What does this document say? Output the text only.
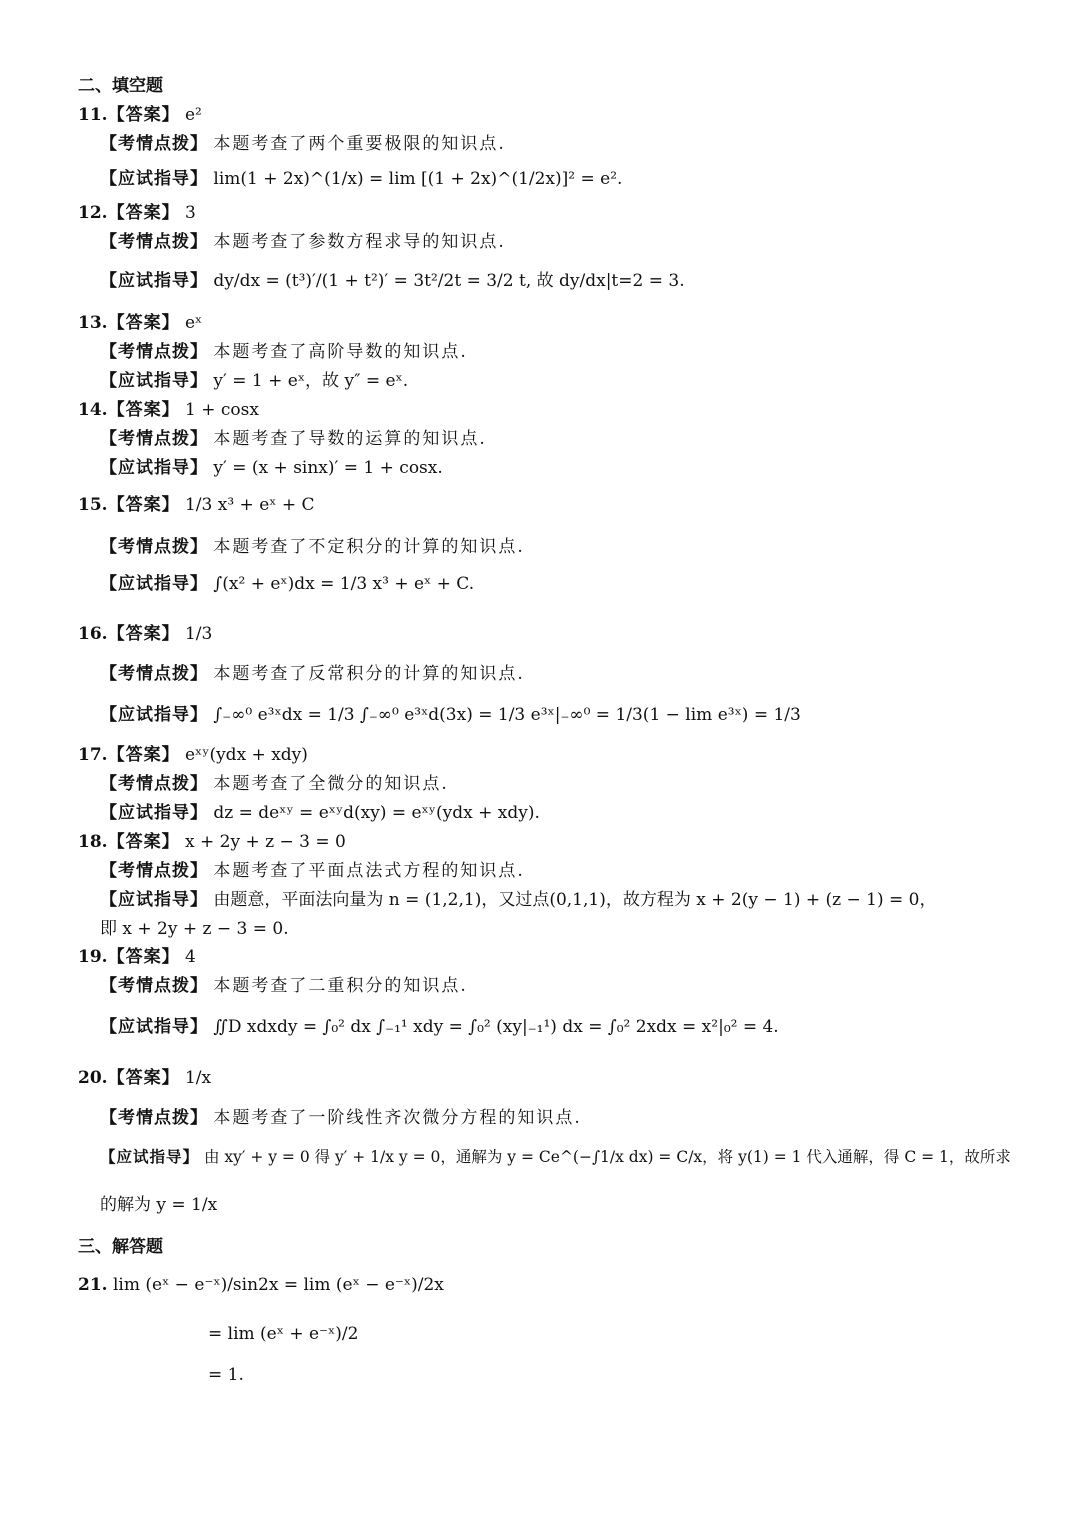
二、填空题
11.【答案】 e²
【考情点拨】 本题考查了两个重要极限的知识点.
【应试指导】 lim(1 + 2x)^(1/x) = lim [(1 + 2x)^(1/2x)]² = e².
12.【答案】 3
【考情点拨】 本题考查了参数方程求导的知识点.
【应试指导】 dy/dx = (t³)′/(1 + t²)′ = 3t²/2t = 3/2 t, 故 dy/dx|t=2 = 3.
13.【答案】 eˣ
【考情点拨】 本题考查了高阶导数的知识点.
【应试指导】 y′ = 1 + eˣ，故 y″ = eˣ.
14.【答案】 1 + cosx
【考情点拨】 本题考查了导数的运算的知识点.
【应试指导】 y′ = (x + sinx)′ = 1 + cosx.
15.【答案】 1/3 x³ + eˣ + C
【考情点拨】 本题考查了不定积分的计算的知识点.
【应试指导】 ∫(x² + eˣ)dx = 1/3 x³ + eˣ + C.
16.【答案】 1/3
【考情点拨】 本题考查了反常积分的计算的知识点.
【应试指导】 ∫₋∞⁰ e³ˣdx = 1/3 ∫₋∞⁰ e³ˣd(3x) = 1/3 e³ˣ|₋∞⁰ = 1/3(1 − lim e³ˣ) = 1/3
17.【答案】 eˣʸ(ydx + xdy)
【考情点拨】 本题考查了全微分的知识点.
【应试指导】 dz = deˣʸ = eˣʸd(xy) = eˣʸ(ydx + xdy).
18.【答案】 x + 2y + z − 3 = 0
【考情点拨】 本题考查了平面点法式方程的知识点.
【应试指导】 由题意，平面法向量为 n = (1,2,1)，又过点(0,1,1)，故方程为 x + 2(y − 1) + (z − 1) = 0，
即 x + 2y + z − 3 = 0.
19.【答案】 4
【考情点拨】 本题考查了二重积分的知识点.
【应试指导】 ∬D xdxdy = ∫₀² dx ∫₋₁¹ xdy = ∫₀² (xy|₋₁¹) dx = ∫₀² 2xdx = x²|₀² = 4.
20.【答案】 1/x
【考情点拨】 本题考查了一阶线性齐次微分方程的知识点.
【应试指导】 由 xy′ + y = 0 得 y′ + 1/x y = 0，通解为 y = Ce^(−∫1/x dx) = C/x，将 y(1) = 1 代入通解，得 C = 1，故所求
的解为 y = 1/x
三、解答题
21. lim (eˣ − e⁻ˣ)/sin2x = lim (eˣ − e⁻ˣ)/2x
= lim (eˣ + e⁻ˣ)/2
= 1.
